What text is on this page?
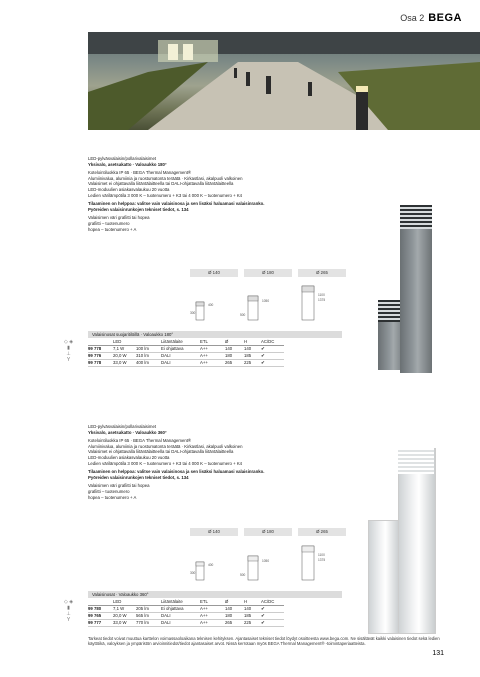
Osa 2 BEGA

LED-pylväsvalaisin/pollarivalaisimet

Yksivalo, asetsakatto · Valoaukko 180°

Kotelointiluokka IP 65 · BEGA Thermal Management®

Alumiinivalua, alumiinia ja ruostumatonta teräätä · Kirkastlasi, akalpuoli valkoinen

Valaisimet ei ohjattavalla liitäntälaitteella tai DALI-ohjattavalla liitäntälaitteella

LED-moduulien asiakasvalaukuu 20 vuotta

Ledien värilämpötila 3 000 K – tuotenumero + K3 tai 4 000 K – tuotenumero + K4

Tilaaminen on helppoa: valitse vain valaisinosa ja sen lisäksi haluamasi valaisinranko.

Pyöreiden valaisinrunkojen tekniset tiedot, s. 134

Valaisimen väri grafiitti tai hopea

grafiitti – tuotenumero

hopea – tuotenumero + A

Ø 140	Ø 180	Ø 265
300
400
1050
1100
1375
500
Valaisinosat suojaritilöillä · Valoaukko 180°
◇ ◈
▮
⊥
Y
	LED		Liitäntälaite	ETL	Ø	H	AC/DC
99 778	7,1 W	100 lm	Ei ohjattava	A++	140	140	✔
99 776	20,0 W	310 lm	DALI	A++	180	185	✔
99 778	33,0 W	400 lm	DALI	A++	265	225	✔

LED-pylväsvalaisin/pollarivalaisimet

Yksivalo, asetsakatto · Valoaukko 360°

Kotelointiluokka IP 65 · BEGA Thermal Management®

Alumiinivalua, alumiinia ja ruostumatonta teräätä · Kirkastlasi, akalpuoli valkoinen

Valaisimet ei ohjattavalla liitäntälaitteella tai DALI-ohjattavalla liitäntälaitteella

LED-moduulien asiakasvalaukuu 20 vuotta

Ledien värilämpötila 3 000 K – tuotenumero + K3 tai 4 000 K – tuotenumero + K4

Tilaaminen on helppoa: valitse vain valaisinosa ja sen lisäksi haluamasi valaisinranko.

Pyöreiden valaisinrunkojen tekniset tiedot, s. 134

Valaisimen väri grafiitti tai hopea

grafiitti – tuotenumero

hopea – tuotenumero + A

Ø 140	Ø 180	Ø 265
300
400
1050
1100
1375
500
Valaisinosat · Valoaukko 360°
◇ ◈
▮
⊥
Y
	LED		Liitäntälaite	ETL	Ø	H	AC/DC
99 780	7,1 W	205 lm	Ei ohjattava	A++	140	140	✔
99 765	20,0 W	565 lm	DALI	A++	180	185	✔
99 777	33,0 W	770 lm	DALI	A++	265	225	✔
Tarkeat tiedot voivat muuttua karttelon voimassaoloaikana teknisen kehityksen. Ajantasaiset tekniset tiedot löydyt osoitteesta www.bega.com. Ne sisältävät kaikki valaisinen tiedot sekä ledien käyttöikä, valoyksen ja ympäristön arvioinnitiedot/tiedot ajantasaiset arvot. Nissä kerrotaan myös BEGA Thermal Management® -toimintaperiaatteista.
131
